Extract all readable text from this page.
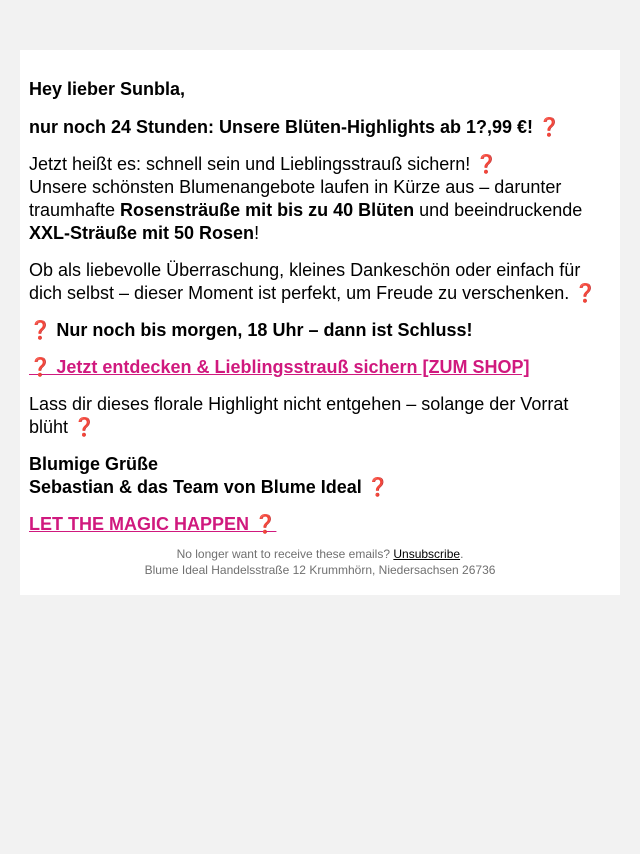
Hey lieber Sunbla,

nur noch 24 Stunden: Unsere Blüten-Highlights ab 1?,99 €! ❓

Jetzt heißt es: schnell sein und Lieblingsstrauß sichern! ❓
Unsere schönsten Blumenangebote laufen in Kürze aus – darunter traumhafte Rosensträuße mit bis zu 40 Blüten und beeindruckende XXL-Sträuße mit 50 Rosen!

Ob als liebevolle Überraschung, kleines Dankeschön oder einfach für dich selbst – dieser Moment ist perfekt, um Freude zu verschenken. ❓

❓ Nur noch bis morgen, 18 Uhr – dann ist Schluss!

❓ Jetzt entdecken & Lieblingsstrauß sichern [ZUM SHOP]

Lass dir dieses florale Highlight nicht entgehen – solange der Vorrat blüht ❓

Blumige Grüße
Sebastian & das Team von Blume Ideal ❓

LET THE MAGIC HAPPEN ❓

No longer want to receive these emails? Unsubscribe.

Blume Ideal Handelsstraße 12 Krummhörn, Niedersachsen 26736
